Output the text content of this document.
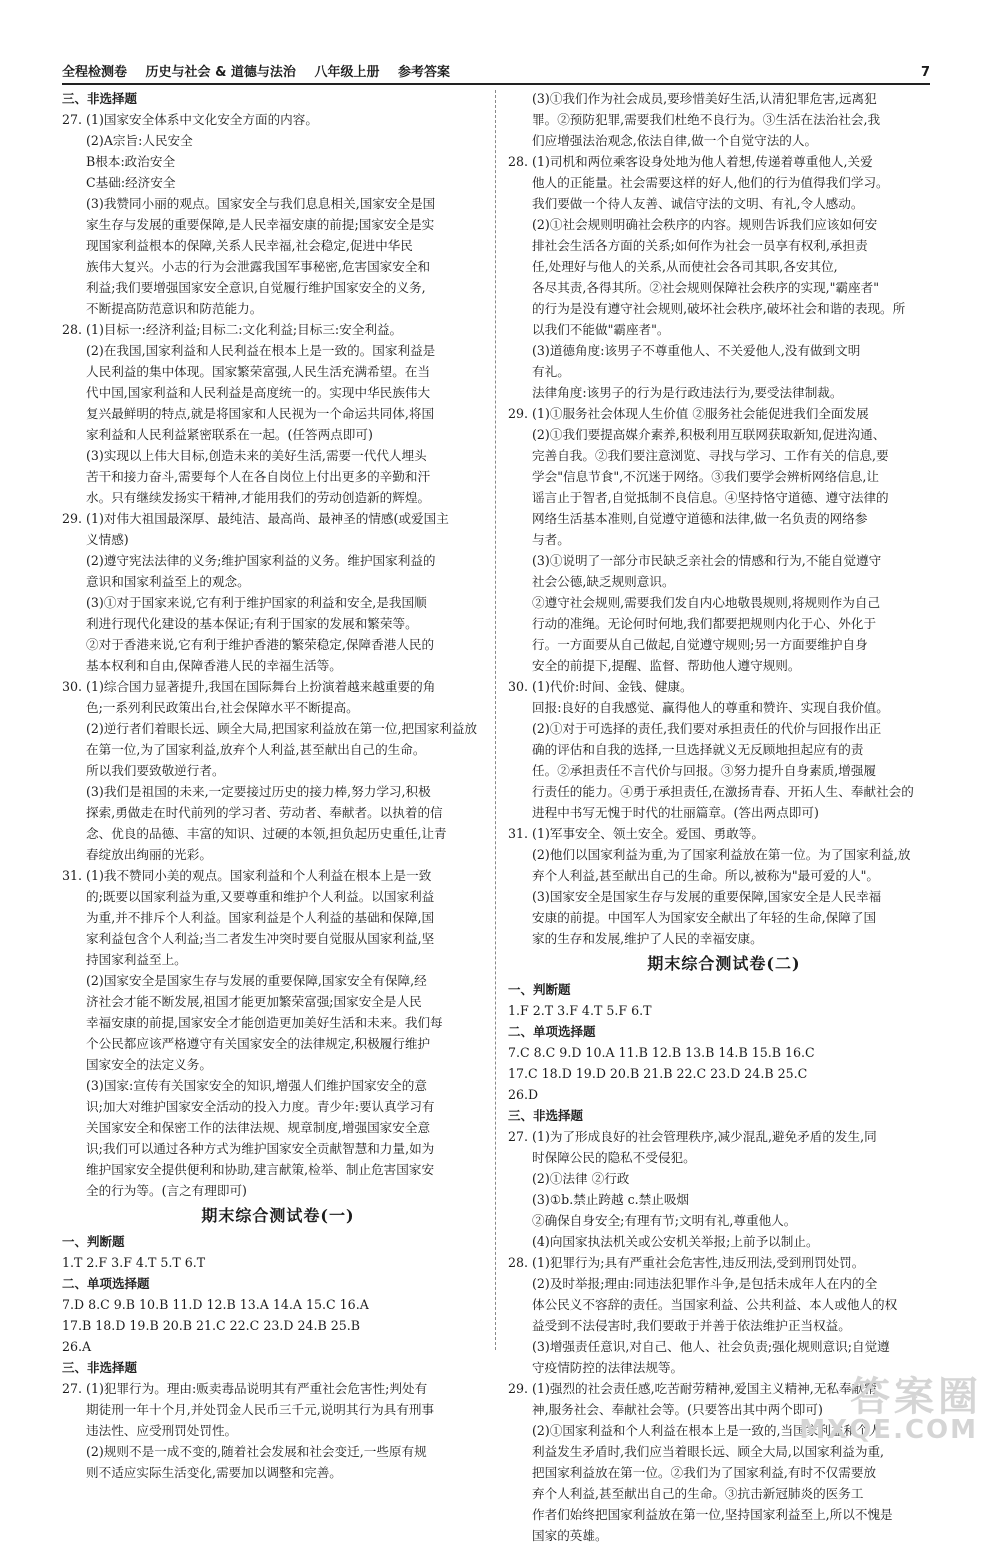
全程检测卷 历史与社会 & 道德与法治 八年级上册 参考答案	7
三、非选择题
27. (1)国家安全体系中文化安全方面的内容。
(2)A宗旨:人民安全
B根本:政治安全
C基础:经济安全
(3)我赞同小丽的观点。国家安全与我们息息相关,国家安全是国
家生存与发展的重要保障,是人民幸福安康的前提;国家安全是实
现国家利益根本的保障,关系人民幸福,社会稳定,促进中华民
族伟大复兴。小志的行为会泄露我国军事秘密,危害国家安全和
利益;我们要增强国家安全意识,自觉履行维护国家安全的义务,
不断提高防范意识和防范能力。
28. (1)目标一:经济利益;目标二:文化利益;目标三:安全利益。
(2)在我国,国家利益和人民利益在根本上是一致的。国家利益是
人民利益的集中体现。国家繁荣富强,人民生活充满希望。在当
代中国,国家利益和人民利益是高度统一的。实现中华民族伟大
复兴最鲜明的特点,就是将国家和人民视为一个命运共同体,将国
家利益和人民利益紧密联系在一起。(任答两点即可)
(3)实现以上伟大目标,创造未来的美好生活,需要一代代人埋头
苦干和接力奋斗,需要每个人在各自岗位上付出更多的辛勤和汗
水。只有继续发扬实干精神,才能用我们的劳动创造新的辉煌。
29. (1)对伟大祖国最深厚、最纯洁、最高尚、最神圣的情感(或爱国主
义情感)
(2)遵守宪法法律的义务;维护国家利益的义务。维护国家利益的
意识和国家利益至上的观念。
(3)①对于国家来说,它有利于维护国家的利益和安全,是我国顺
利进行现代化建设的基本保证;有利于国家的发展和繁荣等。
②对于香港来说,它有利于维护香港的繁荣稳定,保障香港人民的
基本权利和自由,保障香港人民的幸福生活等。
30. (1)综合国力显著提升,我国在国际舞台上扮演着越来越重要的角
色;一系列利民政策出台,社会保障水平不断提高。
(2)逆行者们着眼长远、顾全大局,把国家利益放在第一位,把国家利益放
在第一位,为了国家利益,放弃个人利益,甚至献出自己的生命。
所以我们要致敬逆行者。
(3)我们是祖国的未来,一定要接过历史的接力棒,努力学习,积极
探索,勇做走在时代前列的学习者、劳动者、奉献者。以执着的信
念、优良的品德、丰富的知识、过硬的本领,担负起历史重任,让青
春绽放出绚丽的光彩。
31. (1)我不赞同小美的观点。国家利益和个人利益在根本上是一致
的;既要以国家利益为重,又要尊重和维护个人利益。以国家利益
为重,并不排斥个人利益。国家利益是个人利益的基础和保障,国
家利益包含个人利益;当二者发生冲突时要自觉服从国家利益,坚
持国家利益至上。
(2)国家安全是国家生存与发展的重要保障,国家安全有保障,经
济社会才能不断发展,祖国才能更加繁荣富强;国家安全是人民
幸福安康的前提,国家安全才能创造更加美好生活和未来。我们每
个公民都应该严格遵守有关国家安全的法律规定,积极履行维护
国家安全的法定义务。
(3)国家:宣传有关国家安全的知识,增强人们维护国家安全的意
识;加大对维护国家安全活动的投入力度。青少年:要认真学习有
关国家安全和保密工作的法律法规、规章制度,增强国家安全意
识;我们可以通过各种方式为维护国家安全贡献智慧和力量,如为
维护国家安全提供便利和协助,建言献策,检举、制止危害国家安
全的行为等。(言之有理即可)
期末综合测试卷(一)
一、判断题
1.T 2.F 3.F 4.T 5.T 6.T
二、单项选择题
7.D 8.C 9.B 10.B 11.D 12.B 13.A 14.A 15.C 16.A
17.B 18.D 19.B 20.B 21.C 22.C 23.D 24.B 25.B
26.A
三、非选择题
27. (1)犯罪行为。理由:贩卖毒品说明其有严重社会危害性;判处有
期徒刑一年十个月,并处罚金人民币三千元,说明其行为具有刑事
违法性、应受刑罚处罚性。
(2)规则不是一成不变的,随着社会发展和社会变迁,一些原有规
则不适应实际生活变化,需要加以调整和完善。
(3)①我们作为社会成员,要珍惜美好生活,认清犯罪危害,远离犯
罪。②预防犯罪,需要我们杜绝不良行为。③生活在法治社会,我
们应增强法治观念,依法自律,做一个自觉守法的人。
28. (1)司机和两位乘客设身处地为他人着想,传递着尊重他人,关爱
他人的正能量。社会需要这样的好人,他们的行为值得我们学习。
我们要做一个待人友善、诚信守法的文明、有礼,令人感动。
(2)①社会规则明确社会秩序的内容。规则告诉我们应该如何安
排社会生活各方面的关系;如何作为社会一员享有权利,承担责
任,处理好与他人的关系,从而使社会各司其职,各安其位,
各尽其责,各得其所。②社会规则保障社会秩序的实现,"霸座者"
的行为是没有遵守社会规则,破坏社会秩序,破坏社会和谐的表现。所
以我们不能做"霸座者"。
(3)道德角度:该男子不尊重他人、不关爱他人,没有做到文明
有礼。
法律角度:该男子的行为是行政违法行为,要受法律制裁。
29. (1)①服务社会体现人生价值 ②服务社会能促进我们全面发展
(2)①我们要提高媒介素养,积极利用互联网获取新知,促进沟通、
完善自我。②我们要注意浏览、寻找与学习、工作有关的信息,要
学会"信息节食",不沉迷于网络。③我们要学会辨析网络信息,让
谣言止于智者,自觉抵制不良信息。④坚持恪守道德、遵守法律的
网络生活基本准则,自觉遵守道德和法律,做一名负责的网络参
与者。
(3)①说明了一部分市民缺乏亲社会的情感和行为,不能自觉遵守
社会公德,缺乏规则意识。
②遵守社会规则,需要我们发自内心地敬畏规则,将规则作为自己
行动的准绳。无论何时何地,我们都要把规则内化于心、外化于
行。一方面要从自己做起,自觉遵守规则;另一方面要维护自身
安全的前提下,提醒、监督、帮助他人遵守规则。
30. (1)代价:时间、金钱、健康。
回报:良好的自我感觉、赢得他人的尊重和赞许、实现自我价值。
(2)①对于可选择的责任,我们要对承担责任的代价与回报作出正
确的评估和自我的选择,一旦选择就义无反顾地担起应有的责
任。②承担责任不言代价与回报。③努力提升自身素质,增强履
行责任的能力。④勇于承担责任,在激扬青春、开拓人生、奉献社会的
进程中书写无愧于时代的壮丽篇章。(答出两点即可)
31. (1)军事安全、领土安全。爱国、勇敢等。
(2)他们以国家利益为重,为了国家利益放在第一位。为了国家利益,放
弃个人利益,甚至献出自己的生命。所以,被称为"最可爱的人"。
(3)国家安全是国家生存与发展的重要保障,国家安全是人民幸福
安康的前提。中国军人为国家安全献出了年轻的生命,保障了国
家的生存和发展,维护了人民的幸福安康。
期末综合测试卷(二)
一、判断题
1.F 2.T 3.F 4.T 5.F 6.T
二、单项选择题
7.C 8.C 9.D 10.A 11.B 12.B 13.B 14.B 15.B 16.C
17.C 18.D 19.D 20.B 21.B 22.C 23.D 24.B 25.C
26.D
三、非选择题
27. (1)为了形成良好的社会管理秩序,减少混乱,避免矛盾的发生,同
时保障公民的隐私不受侵犯。
(2)①法律 ②行政
(3)①b.禁止跨越 c.禁止吸烟
②确保自身安全;有理有节;文明有礼,尊重他人。
(4)向国家执法机关或公安机关举报;上前予以制止。
28. (1)犯罪行为;具有严重社会危害性,违反刑法,受到刑罚处罚。
(2)及时举报;理由:同违法犯罪作斗争,是包括未成年人在内的全
体公民义不容辞的责任。当国家利益、公共利益、本人或他人的权
益受到不法侵害时,我们要敢于并善于依法维护正当权益。
(3)增强责任意识,对自己、他人、社会负责;强化规则意识;自觉遵
守疫情防控的法律法规等。
29. (1)强烈的社会责任感,吃苦耐劳精神,爱国主义精神,无私奉献精
神,服务社会、奉献社会等。(只要答出其中两个即可)
(2)①国家利益和个人利益在根本上是一致的,当国家利益和个人
利益发生矛盾时,我们应当着眼长远、顾全大局,以国家利益为重,
把国家利益放在第一位。②我们为了国家利益,有时不仅需要放
弃个人利益,甚至献出自己的生命。③抗击新冠肺炎的医务工
作者们始终把国家利益放在第一位,坚持国家利益至上,所以不愧是
国家的英雄。
答案圈
MXQE.COM
